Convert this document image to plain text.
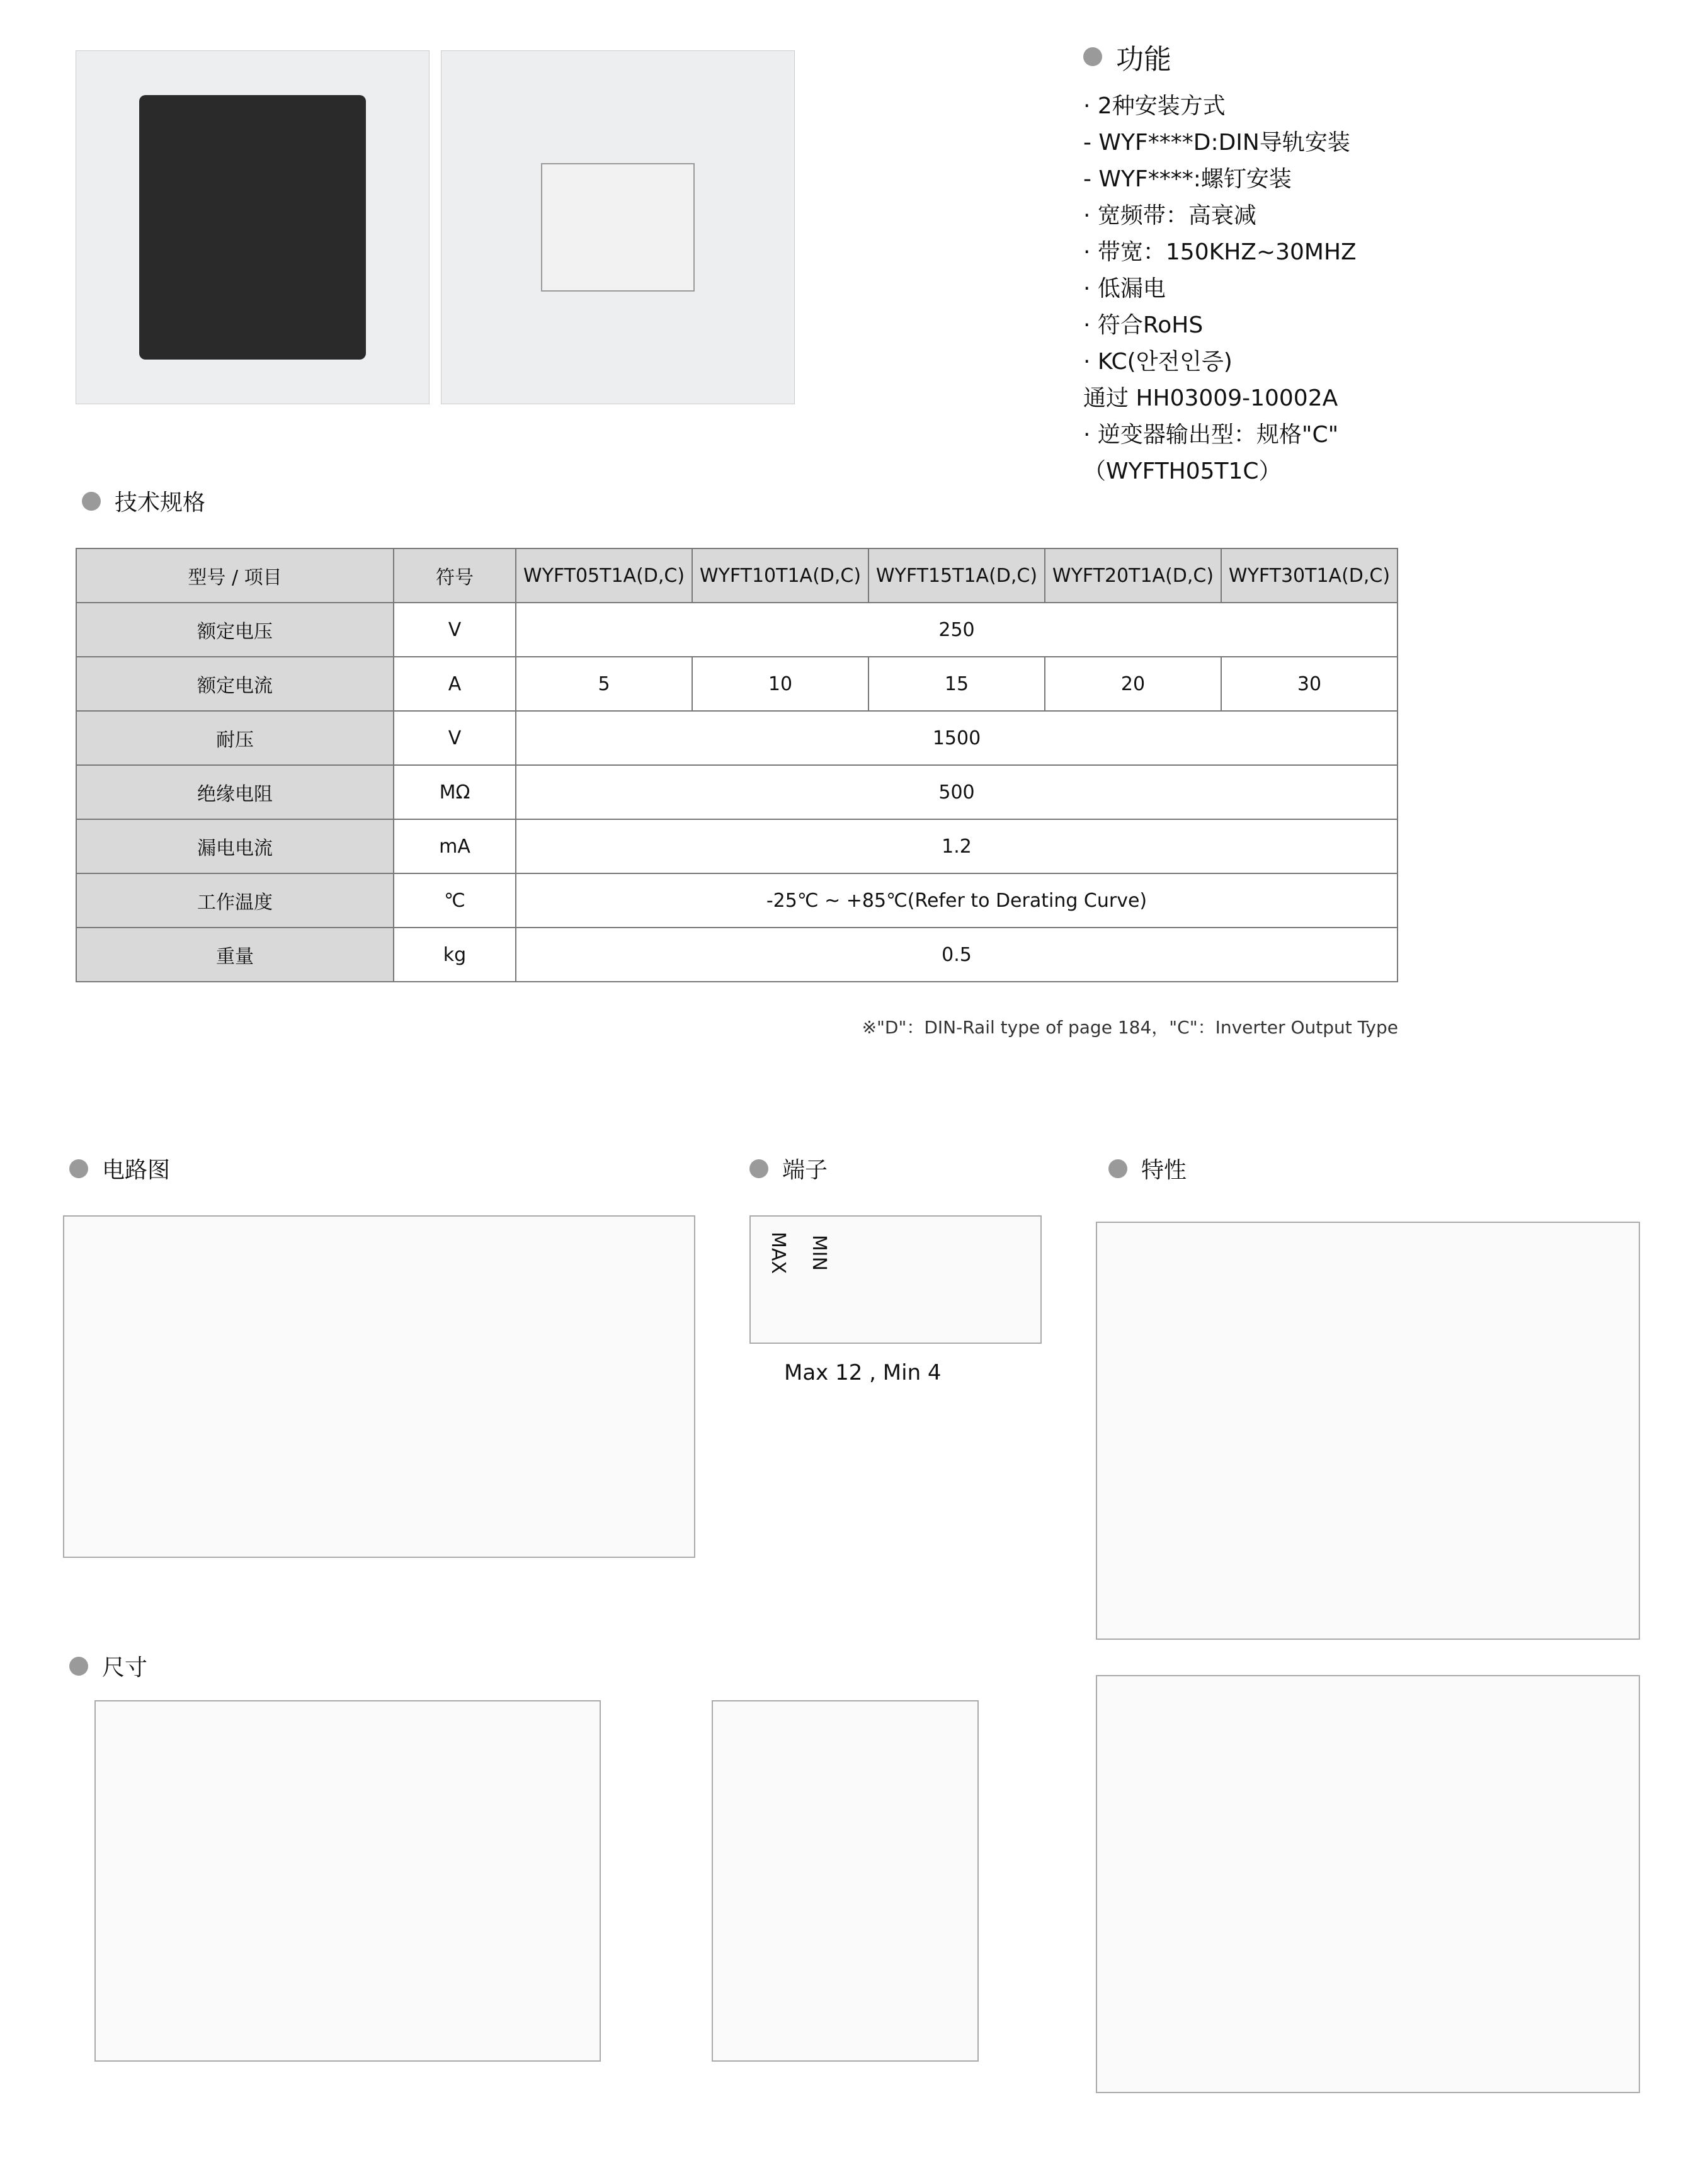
功能
· 2种安装方式
- WYF****D:DIN导轨安装
- WYF****:螺钉安装
· 宽频带：高衰减
· 带宽：150KHZ~30MHZ
· 低漏电
· 符合RoHS
· KC(안전인증)
通过 HH03009-10002A
· 逆变器输出型：规格"C"
（WYFTH05T1C）
技术规格
型号 / 项目	符号	WYFT05T1A(D,C)	WYFT10T1A(D,C)	WYFT15T1A(D,C)	WYFT20T1A(D,C)	WYFT30T1A(D,C)
额定电压	V	250				
额定电流	A	5	10	15	20	30
耐压	V	1500				
绝缘电阻	MΩ	500				
漏电电流	mA	1.2				
工作温度	℃	-25℃ ~ +85℃(Refer to Derating Curve)				
重量	kg	0.5				
※"D"：DIN-Rail type of page 184，"C"：Inverter Output Type
电路图	端子
MAX MIN
Max 12 , Min 4
特性
尺寸
